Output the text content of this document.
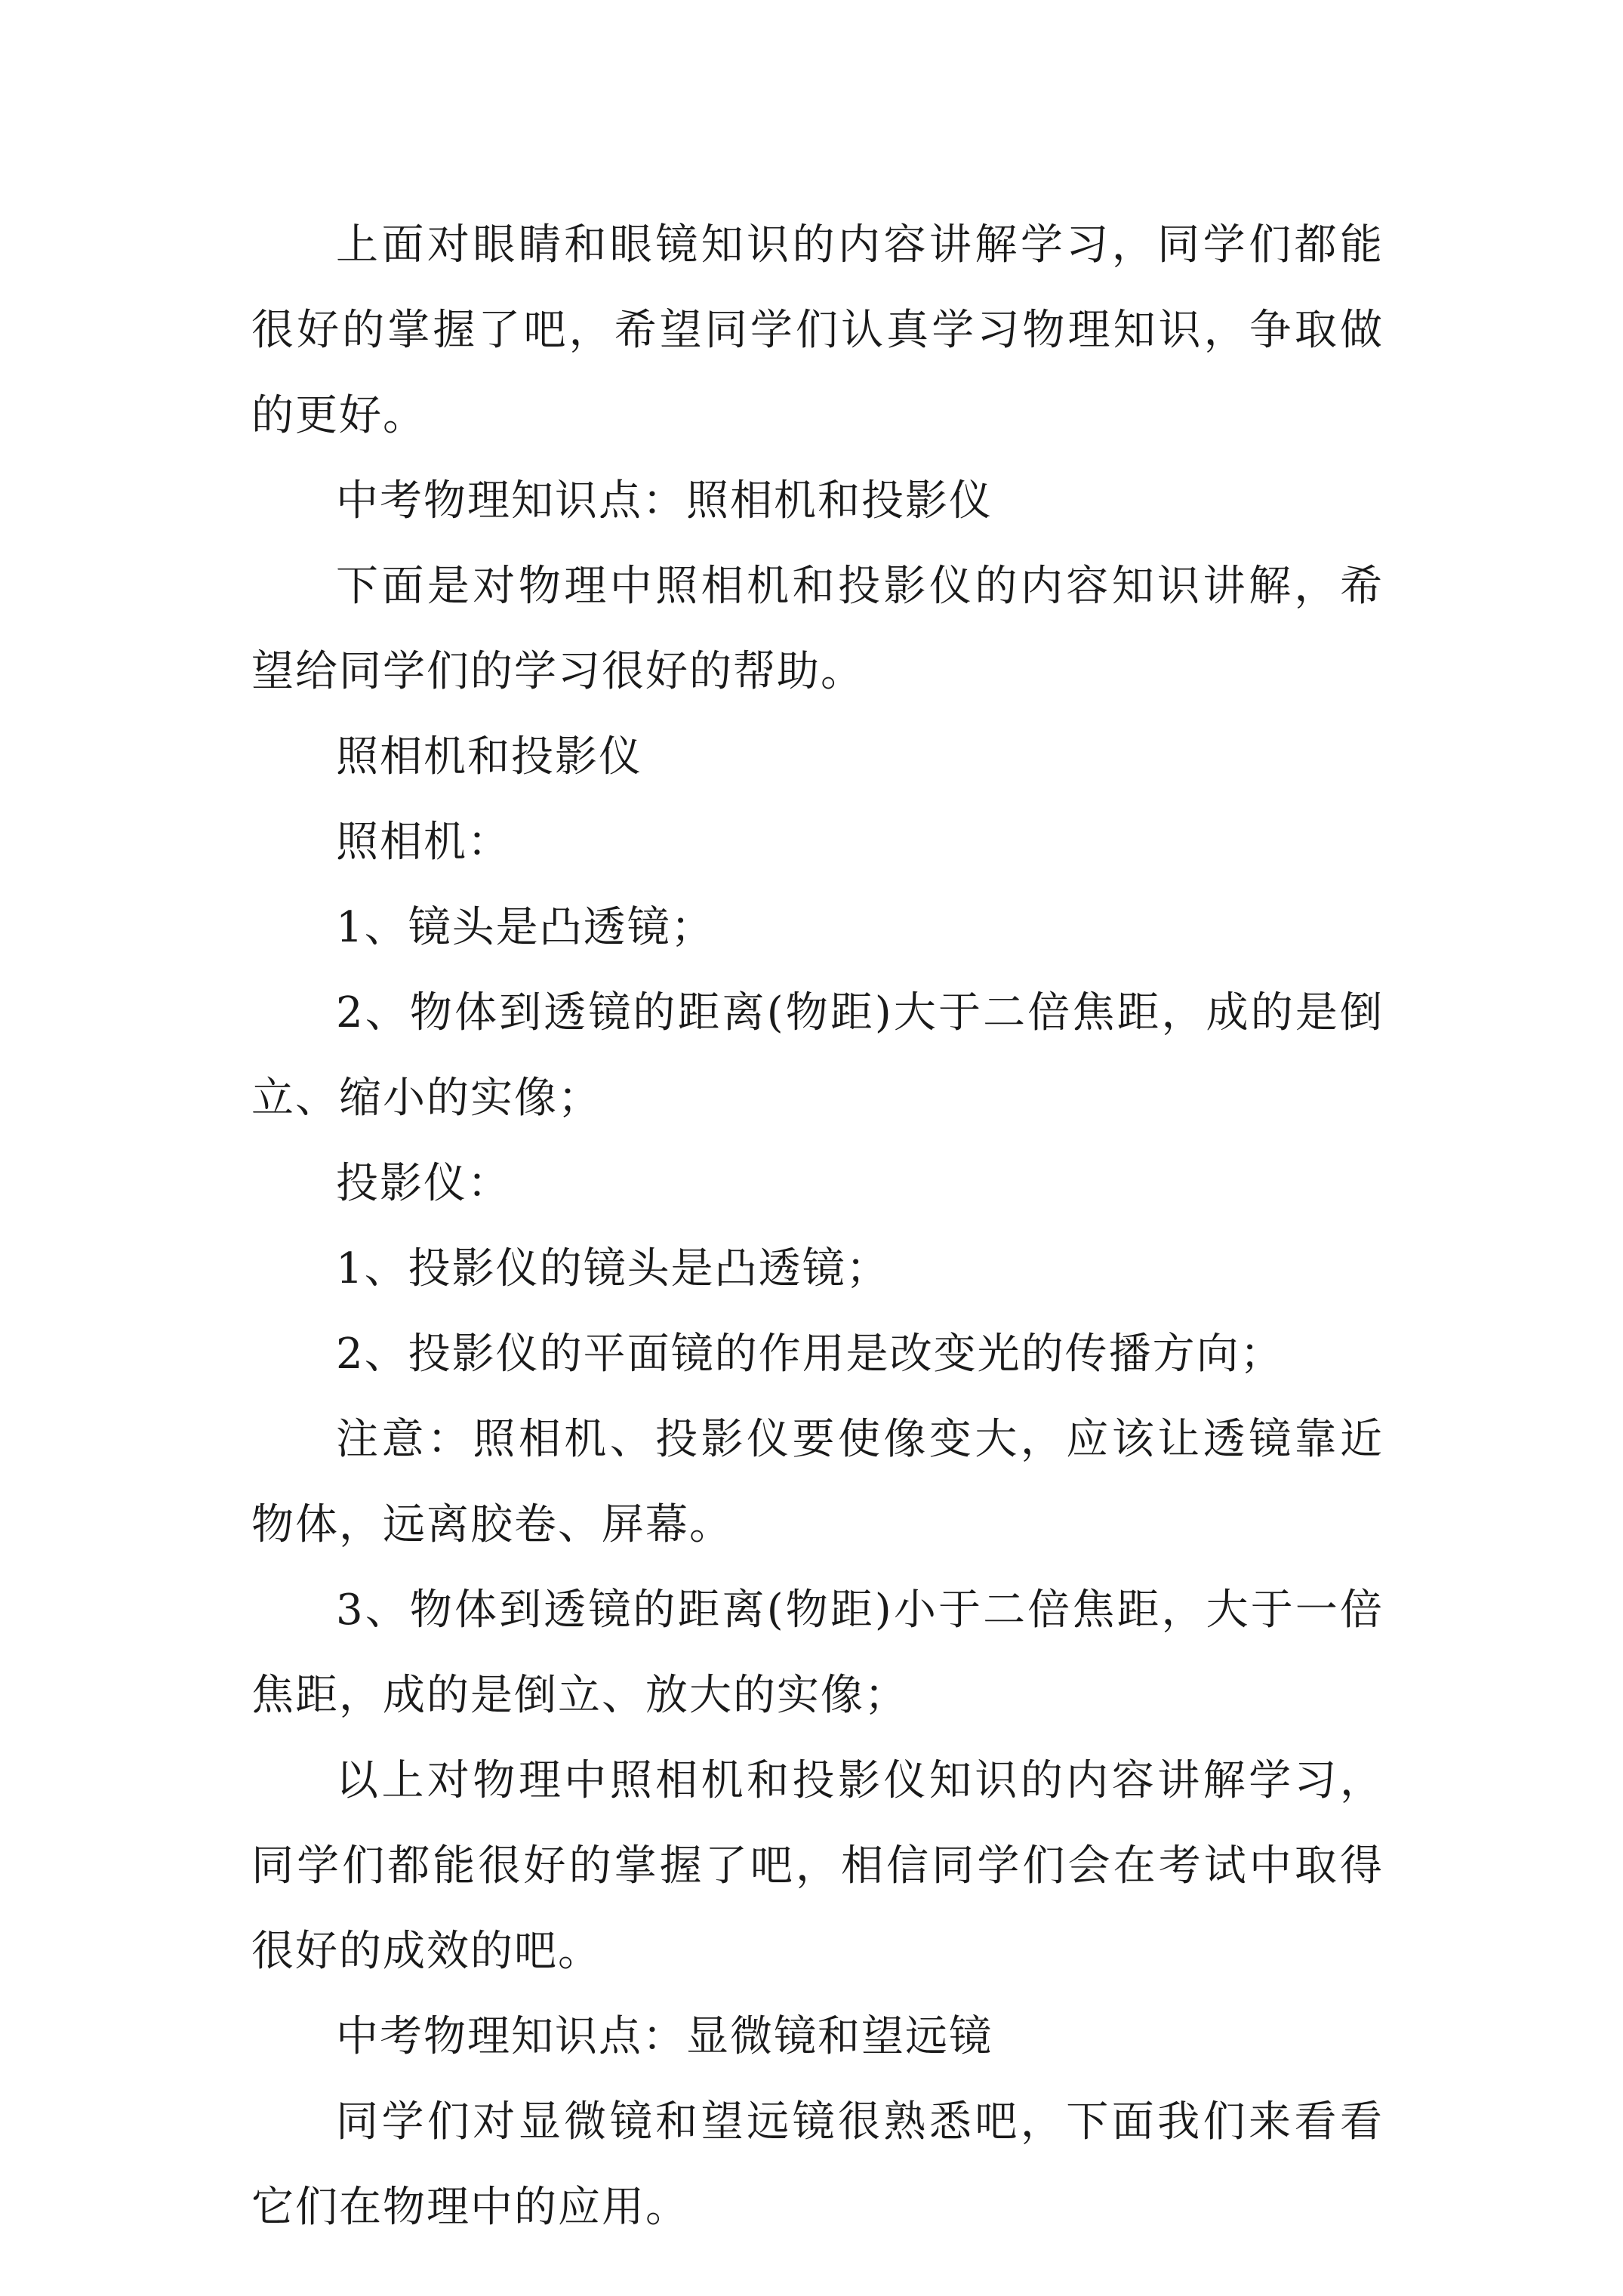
上面对眼睛和眼镜知识的内容讲解学习，同学们都能很好的掌握了吧，希望同学们认真学习物理知识，争取做的更好。

中考物理知识点：照相机和投影仪

下面是对物理中照相机和投影仪的内容知识讲解，希望给同学们的学习很好的帮助。

照相机和投影仪

照相机：

1、镜头是凸透镜；

2、物体到透镜的距离(物距)大于二倍焦距，成的是倒立、缩小的实像；

投影仪：

1、投影仪的镜头是凸透镜；

2、投影仪的平面镜的作用是改变光的传播方向；

注意：照相机、投影仪要使像变大，应该让透镜靠近物体，远离胶卷、屏幕。

3、物体到透镜的距离(物距)小于二倍焦距，大于一倍焦距，成的是倒立、放大的实像；

以上对物理中照相机和投影仪知识的内容讲解学习，同学们都能很好的掌握了吧，相信同学们会在考试中取得很好的成效的吧。

中考物理知识点：显微镜和望远镜

同学们对显微镜和望远镜很熟悉吧，下面我们来看看它们在物理中的应用。
